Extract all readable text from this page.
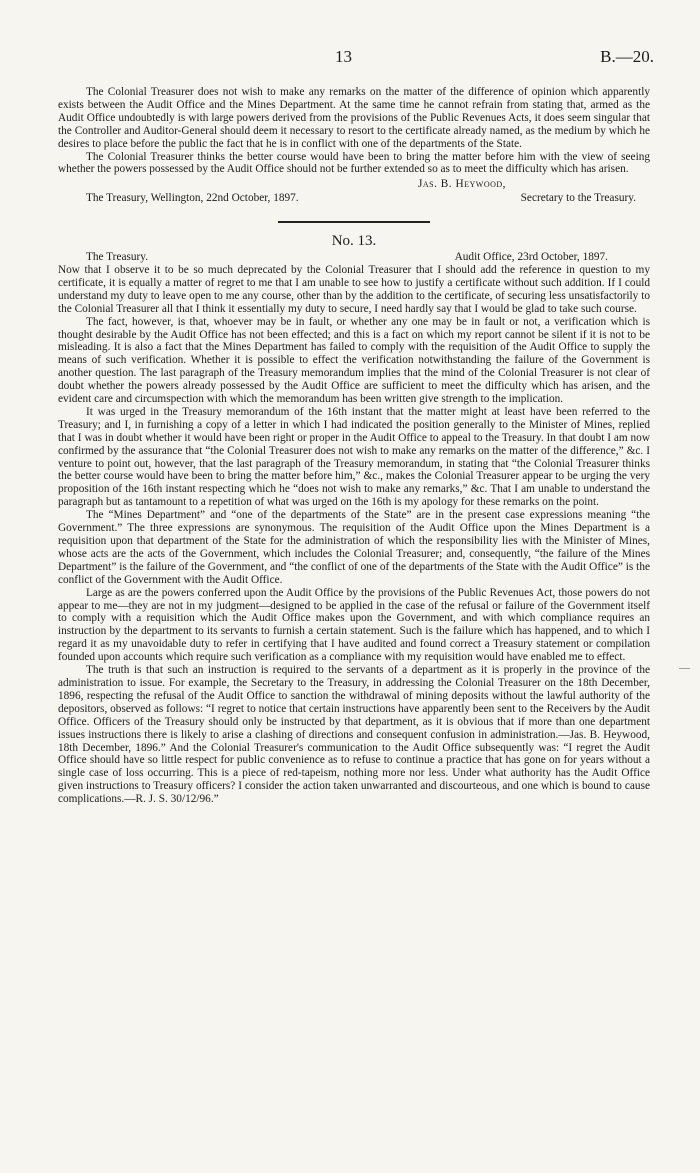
13	B.—20.

The Colonial Treasurer does not wish to make any remarks on the matter of the difference of opinion which apparently exists between the Audit Office and the Mines Department. At the same time he cannot refrain from stating that, armed as the Audit Office undoubtedly is with large powers derived from the provisions of the Public Revenues Acts, it does seem singular that the Controller and Auditor-General should deem it necessary to resort to the certificate already named, as the medium by which he desires to place before the public the fact that he is in conflict with one of the departments of the State.

The Colonial Treasurer thinks the better course would have been to bring the matter before him with the view of seeing whether the powers possessed by the Audit Office should not be further extended so as to meet the difficulty which has arisen.

Jas. B. Heywood,
The Treasury, Wellington, 22nd October, 1897.	Secretary to the Treasury.
No. 13.
The Treasury.	Audit Office, 23rd October, 1897.

Now that I observe it to be so much deprecated by the Colonial Treasurer that I should add the reference in question to my certificate, it is equally a matter of regret to me that I am unable to see how to justify a certificate without such addition. If I could understand my duty to leave open to me any course, other than by the addition to the certificate, of securing less unsatisfactorily to the Colonial Treasurer all that I think it essentially my duty to secure, I need hardly say that I would be glad to take such course.

The fact, however, is that, whoever may be in fault, or whether any one may be in fault or not, a verification which is thought desirable by the Audit Office has not been effected; and this is a fact on which my report cannot be silent if it is not to be misleading. It is also a fact that the Mines Department has failed to comply with the requisition of the Audit Office to supply the means of such verification. Whether it is possible to effect the verification notwithstanding the failure of the Government is another question. The last paragraph of the Treasury memorandum implies that the mind of the Colonial Treasurer is not clear of doubt whether the powers already possessed by the Audit Office are sufficient to meet the difficulty which has arisen, and the evident care and circumspection with which the memorandum has been written give strength to the implication.

It was urged in the Treasury memorandum of the 16th instant that the matter might at least have been referred to the Treasury; and I, in furnishing a copy of a letter in which I had indicated the position generally to the Minister of Mines, replied that I was in doubt whether it would have been right or proper in the Audit Office to appeal to the Treasury. In that doubt I am now confirmed by the assurance that “the Colonial Treasurer does not wish to make any remarks on the matter of the difference,” &c. I venture to point out, however, that the last paragraph of the Treasury memorandum, in stating that “the Colonial Treasurer thinks the better course would have been to bring the matter before him,” &c., makes the Colonial Treasurer appear to be urging the very proposition of the 16th instant respecting which he “does not wish to make any remarks,” &c. That I am unable to understand the paragraph but as tantamount to a repetition of what was urged on the 16th is my apology for these remarks on the point.

The “Mines Department” and “one of the departments of the State” are in the present case expressions meaning “the Government.” The three expressions are synonymous. The requisition of the Audit Office upon the Mines Department is a requisition upon that department of the State for the administration of which the responsibility lies with the Minister of Mines, whose acts are the acts of the Government, which includes the Colonial Treasurer; and, consequently, “the failure of the Mines Department” is the failure of the Government, and “the conflict of one of the departments of the State with the Audit Office” is the conflict of the Government with the Audit Office.

Large as are the powers conferred upon the Audit Office by the provisions of the Public Revenues Act, those powers do not appear to me—they are not in my judgment—designed to be applied in the case of the refusal or failure of the Government itself to comply with a requisition which the Audit Office makes upon the Government, and with which compliance requires an instruction by the department to its servants to furnish a certain statement. Such is the failure which has happened, and to which I regard it as my unavoidable duty to refer in certifying that I have audited and found correct a Treasury statement or compilation founded upon accounts which require such verification as a compliance with my requisition would have enabled me to effect.

The truth is that such an instruction is required to the servants of a department as it is properly in the province of the administration to issue. For example, the Secretary to the Treasury, in addressing the Colonial Treasurer on the 18th December, 1896, respecting the refusal of the Audit Office to sanction the withdrawal of mining deposits without the lawful authority of the depositors, observed as follows: “I regret to notice that certain instructions have apparently been sent to the Receivers by the Audit Office. Officers of the Treasury should only be instructed by that department, as it is obvious that if more than one department issues instructions there is likely to arise a clashing of directions and consequent confusion in administration.—Jas. B. Heywood, 18th December, 1896.” And the Colonial Treasurer's communication to the Audit Office subsequently was: “I regret the Audit Office should have so little respect for public convenience as to refuse to continue a practice that has gone on for years without a single case of loss occurring. This is a piece of red-tapeism, nothing more nor less. Under what authority has the Audit Office given instructions to Treasury officers? I consider the action taken unwarranted and discourteous, and one which is bound to cause complications.—R. J. S. 30/12/96.”

—
